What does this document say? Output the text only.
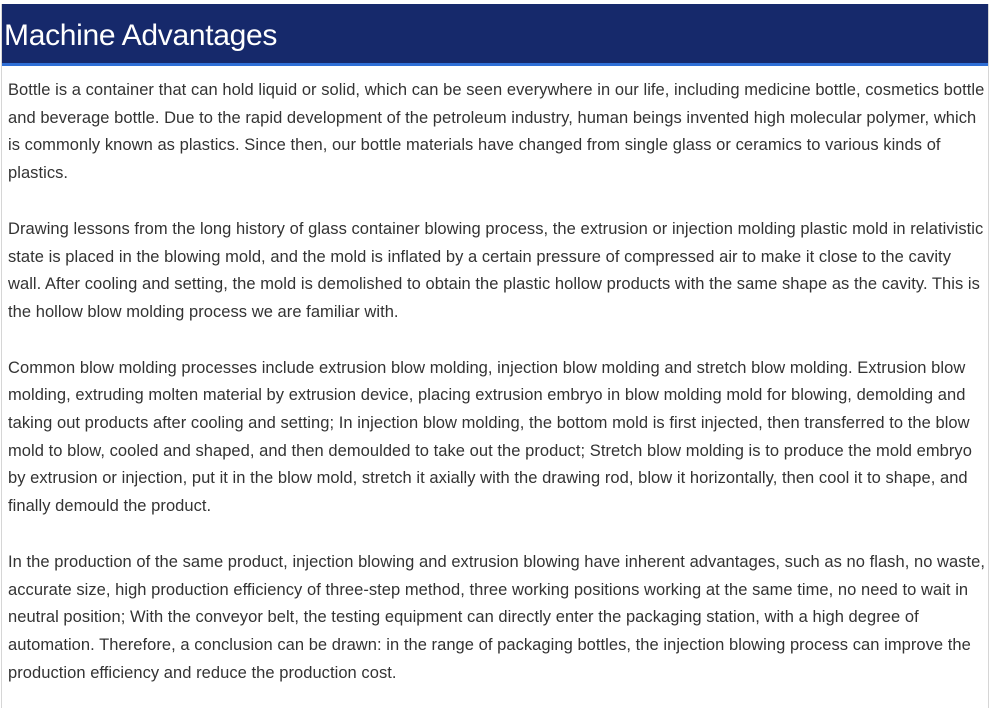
Machine Advantages

Bottle is a container that can hold liquid or solid, which can be seen everywhere in our life, including medicine bottle, cosmetics bottle and beverage bottle. Due to the rapid development of the petroleum industry, human beings invented high molecular polymer, which is commonly known as plastics. Since then, our bottle materials have changed from single glass or ceramics to various kinds of plastics.

Drawing lessons from the long history of glass container blowing process, the extrusion or injection molding plastic mold in relativistic state is placed in the blowing mold, and the mold is inflated by a certain pressure of compressed air to make it close to the cavity wall. After cooling and setting, the mold is demolished to obtain the plastic hollow products with the same shape as the cavity. This is the hollow blow molding process we are familiar with.

Common blow molding processes include extrusion blow molding, injection blow molding and stretch blow molding. Extrusion blow molding, extruding molten material by extrusion device, placing extrusion embryo in blow molding mold for blowing, demolding and taking out products after cooling and setting; In injection blow molding, the bottom mold is first injected, then transferred to the blow mold to blow, cooled and shaped, and then demoulded to take out the product; Stretch blow molding is to produce the mold embryo by extrusion or injection, put it in the blow mold, stretch it axially with the drawing rod, blow it horizontally, then cool it to shape, and finally demould the product.

In the production of the same product, injection blowing and extrusion blowing have inherent advantages, such as no flash, no waste, accurate size, high production efficiency of three-step method, three working positions working at the same time, no need to wait in neutral position; With the conveyor belt, the testing equipment can directly enter the packaging station, with a high degree of automation. Therefore, a conclusion can be drawn: in the range of packaging bottles, the injection blowing process can improve the production efficiency and reduce the production cost.
